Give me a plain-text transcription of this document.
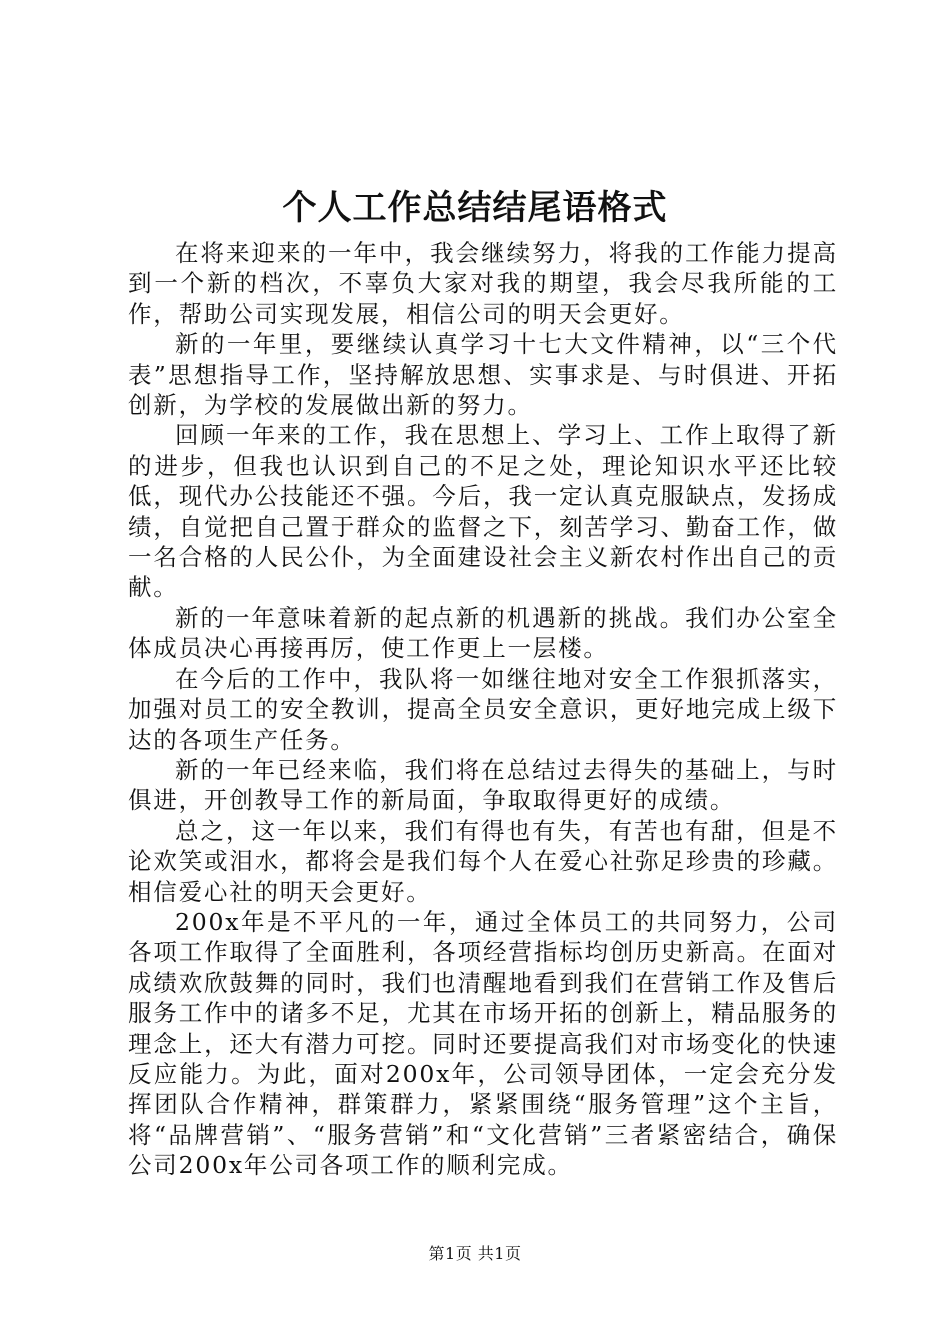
个人工作总结结尾语格式

在将来迎来的一年中，我会继续努力，将我的工作能力提高到一个新的档次，不辜负大家对我的期望，我会尽我所能的工作，帮助公司实现发展，相信公司的明天会更好。

新的一年里，要继续认真学习十七大文件精神，以“三个代表”思想指导工作，坚持解放思想、实事求是、与时俱进、开拓创新，为学校的发展做出新的努力。

回顾一年来的工作，我在思想上、学习上、工作上取得了新的进步，但我也认识到自己的不足之处，理论知识水平还比较低，现代办公技能还不强。今后，我一定认真克服缺点，发扬成绩，自觉把自己置于群众的监督之下，刻苦学习、勤奋工作，做一名合格的人民公仆，为全面建设社会主义新农村作出自己的贡献。

新的一年意味着新的起点新的机遇新的挑战。我们办公室全体成员决心再接再厉，使工作更上一层楼。

在今后的工作中，我队将一如继往地对安全工作狠抓落实，加强对员工的安全教训，提高全员安全意识，更好地完成上级下达的各项生产任务。

新的一年已经来临，我们将在总结过去得失的基础上，与时俱进，开创教导工作的新局面，争取取得更好的成绩。

总之，这一年以来，我们有得也有失，有苦也有甜，但是不论欢笑或泪水，都将会是我们每个人在爱心社弥足珍贵的珍藏。相信爱心社的明天会更好。

200x年是不平凡的一年，通过全体员工的共同努力，公司各项工作取得了全面胜利，各项经营指标均创历史新高。在面对成绩欢欣鼓舞的同时，我们也清醒地看到我们在营销工作及售后服务工作中的诸多不足，尤其在市场开拓的创新上，精品服务的理念上，还大有潜力可挖。同时还要提高我们对市场变化的快速反应能力。为此，面对200x年，公司领导团体，一定会充分发挥团队合作精神，群策群力，紧紧围绕“服务管理”这个主旨，将“品牌营销”、“服务营销”和“文化营销”三者紧密结合，确保公司200x年公司各项工作的顺利完成。

第1页 共1页
